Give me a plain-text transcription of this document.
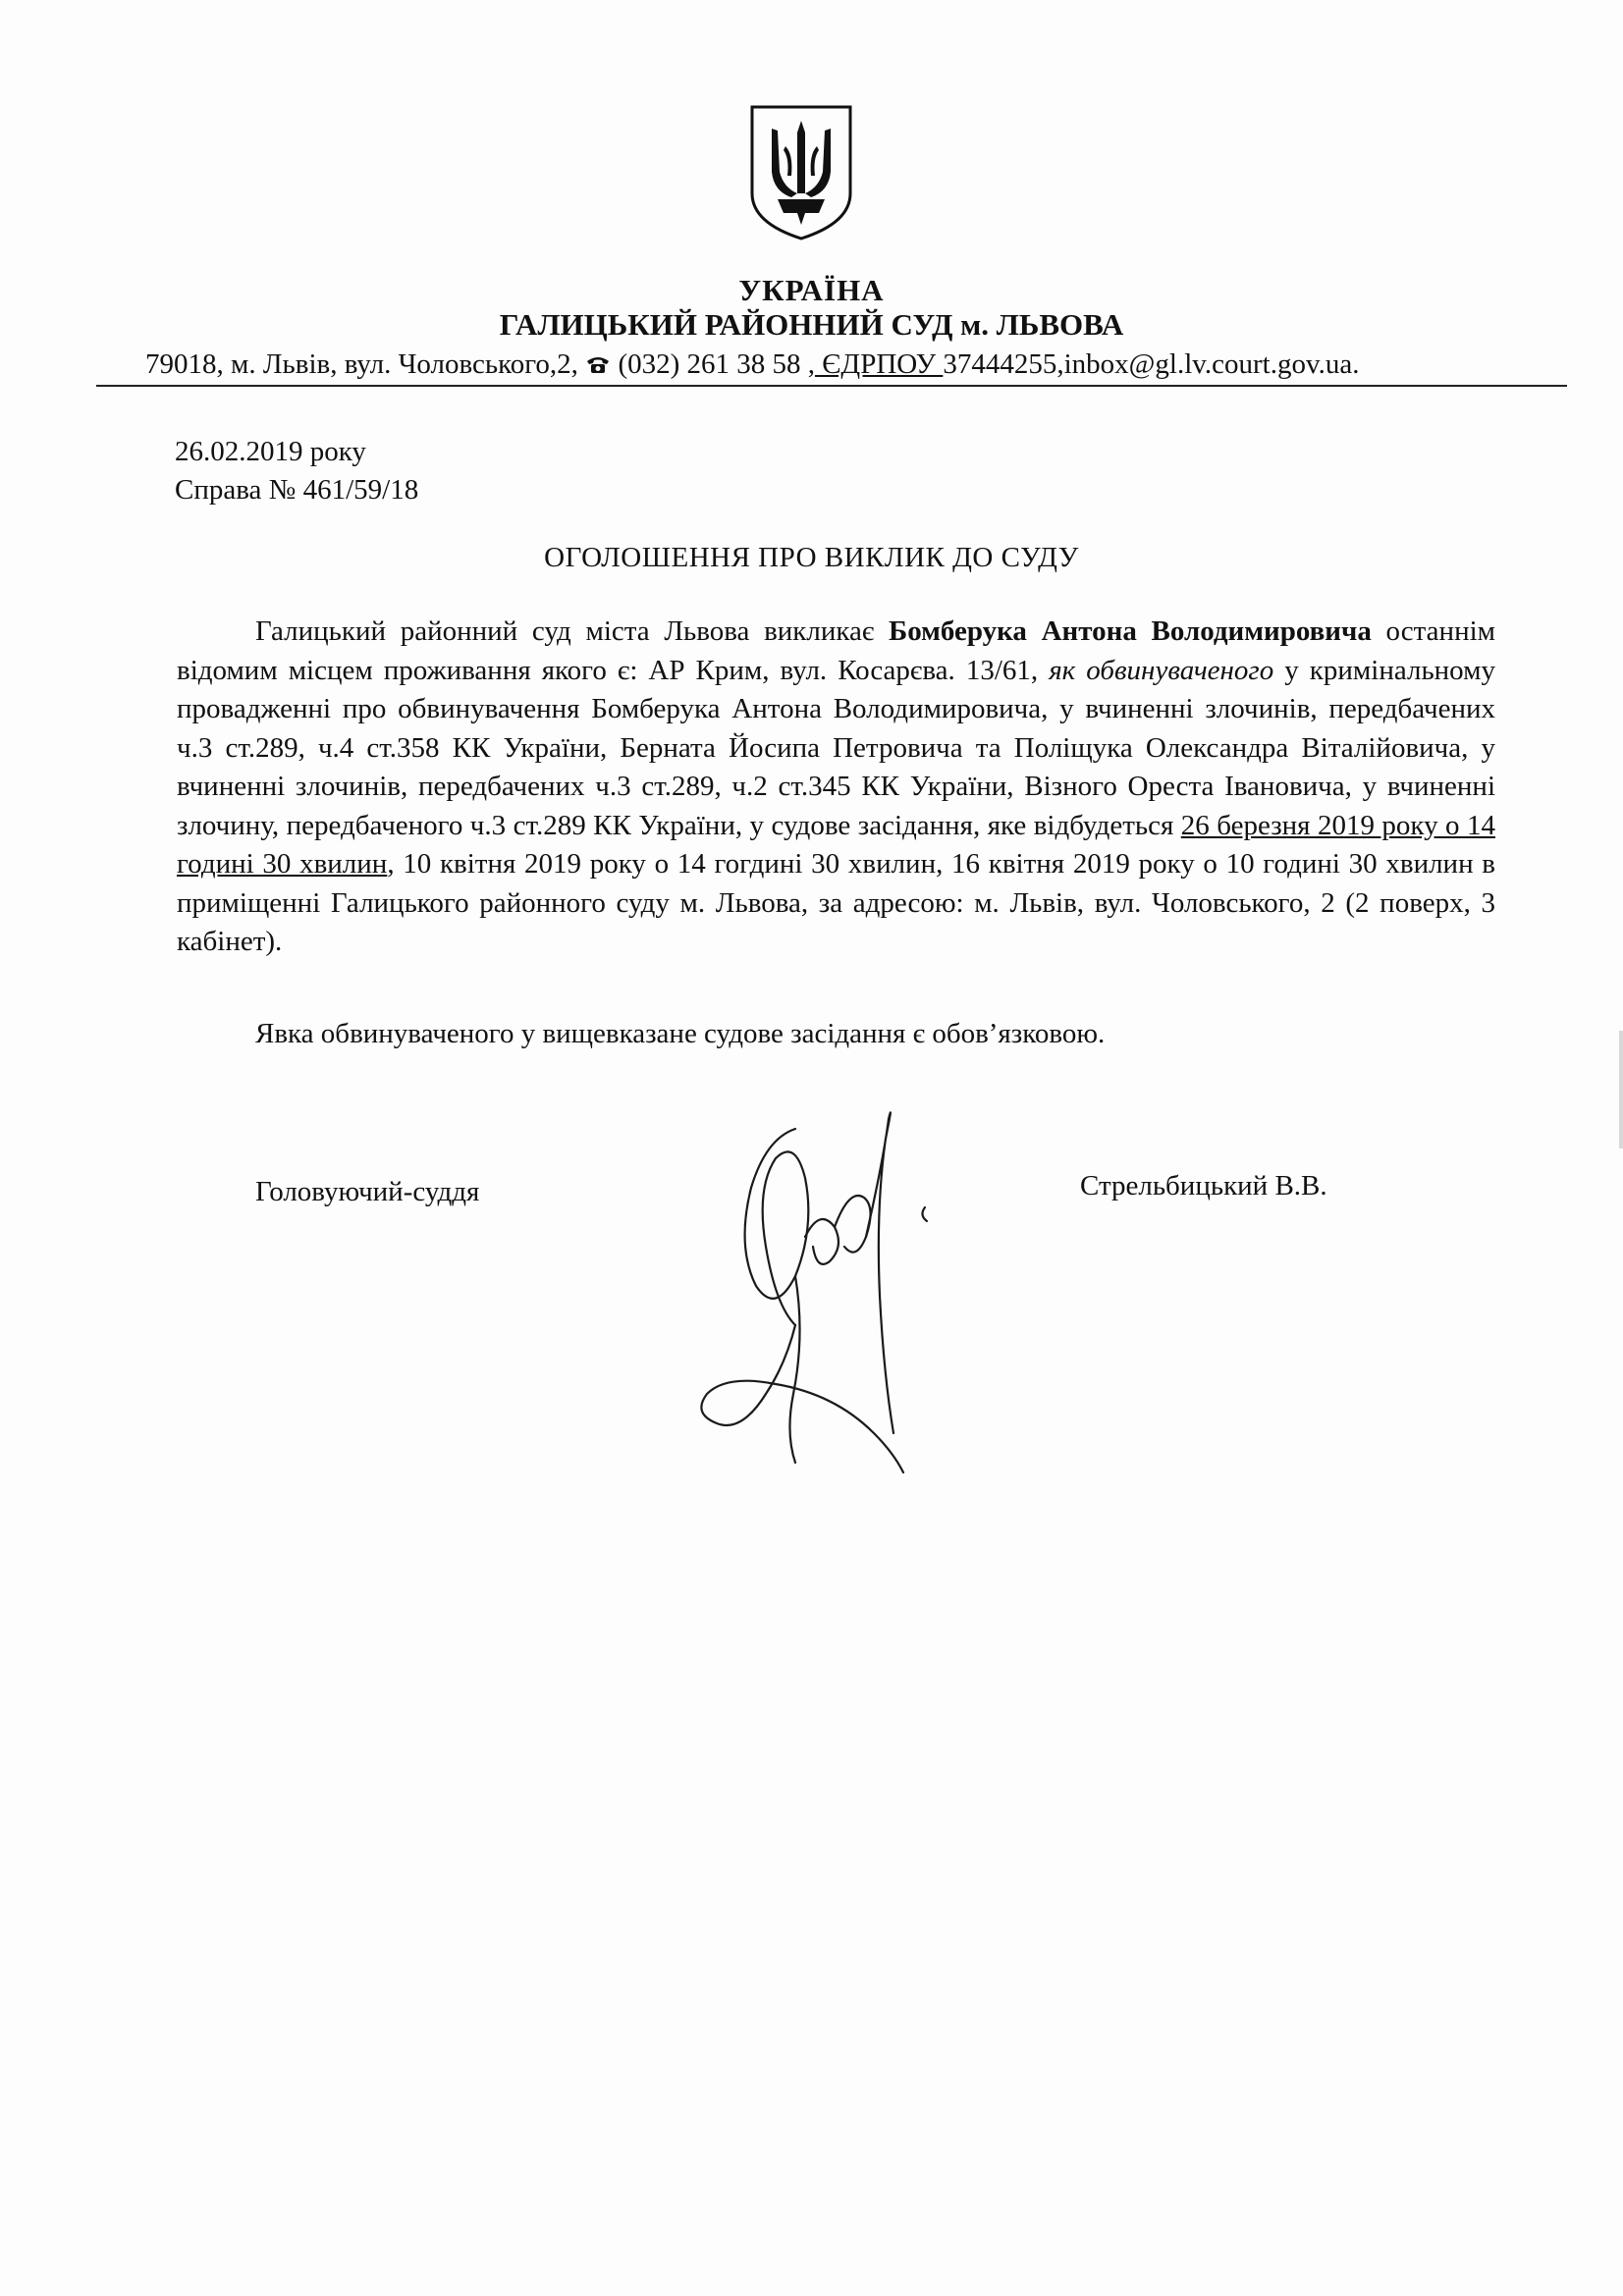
УКРАЇНА
ГАЛИЦЬКИЙ РАЙОННИЙ СУД м. ЛЬВОВА
79018, м. Львів, вул. Чоловського,2,  (032) 261 38 58 , ЄДРПОУ 37444255,inbox@gl.lv.court.gov.ua.
26.02.2019 року
Справа № 461/59/18
ОГОЛОШЕННЯ ПРО ВИКЛИК ДО СУДУ
Галицький районний суд міста Львова викликає Бомберука Антона Володимировича останнім відомим місцем проживання якого є: АР Крим, вул. Косарєва. 13/61, як обвинуваченого у кримінальному провадженні про обвинувачення Бомберука Антона Володимировича, у вчиненні злочинів, передбачених ч.3 ст.289, ч.4 ст.358 КК України, Берната Йосипа Петровича та Поліщука Олександра Віталійовича, у вчиненні злочинів, передбачених ч.3 ст.289, ч.2 ст.345 КК України, Візного Ореста Івановича, у вчиненні злочину, передбаченого ч.3 ст.289 КК України, у судове засідання, яке відбудеться 26 березня 2019 року о 14 годині 30 хвилин, 10 квітня 2019 року о 14 гогдині 30 хвилин, 16 квітня 2019 року о 10 годині 30 хвилин в приміщенні Галицького районного суду м. Львова, за адресою: м. Львів, вул. Чоловського, 2 (2 поверх, 3 кабінет).
Явка обвинуваченого у вищевказане судове засідання є обов’язковою.
Головуючий-суддя	Стрельбицький В.В.
